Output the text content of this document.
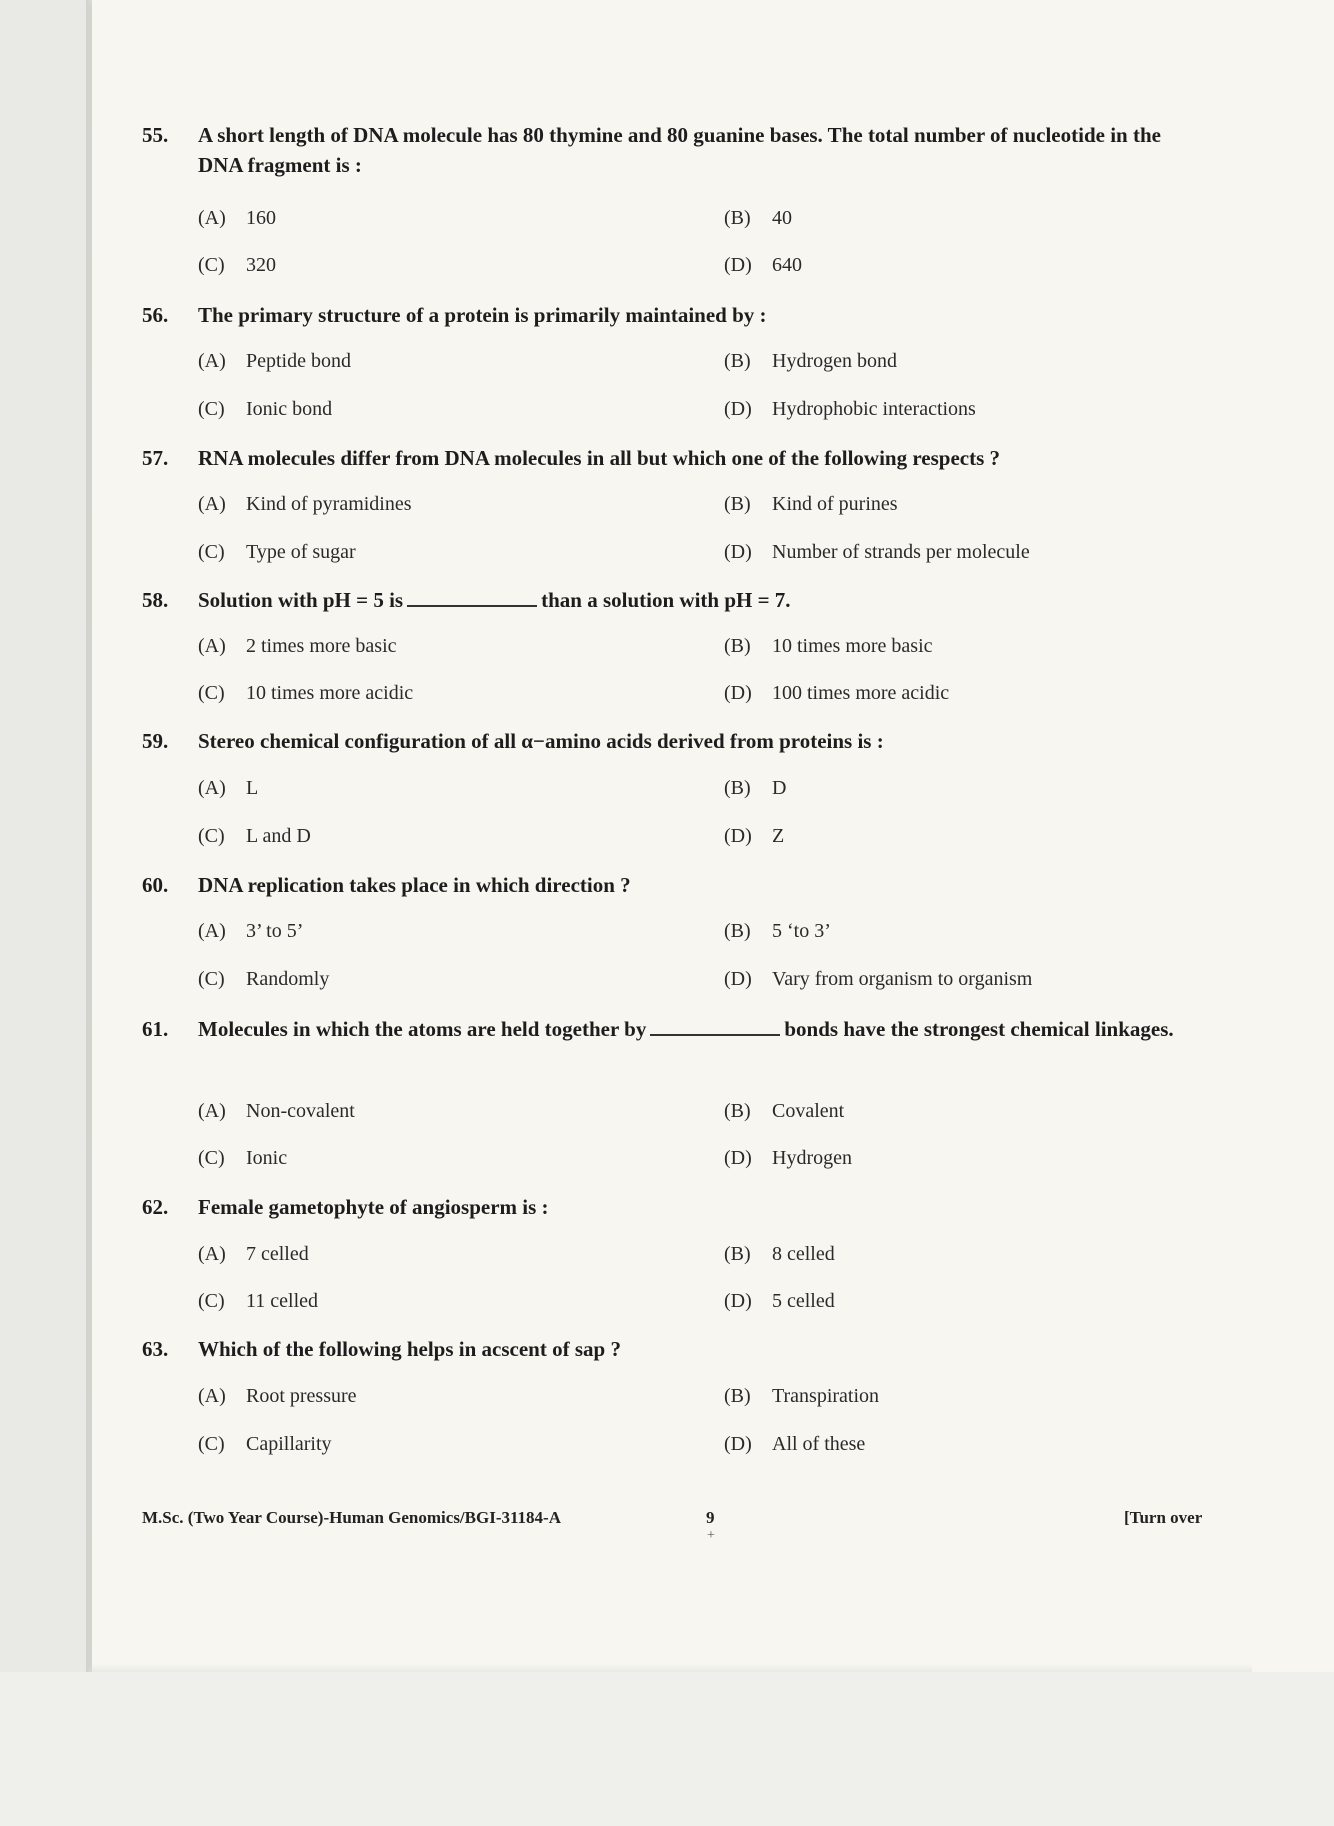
55. A short length of DNA molecule has 80 thymine and 80 guanine bases. The total number of nucleotide in the DNA fragment is :
(A) 160	(B) 40
(C) 320	(D) 640
56. The primary structure of a protein is primarily maintained by :
(A) Peptide bond	(B) Hydrogen bond
(C) Ionic bond	(D) Hydrophobic interactions
57. RNA molecules differ from DNA molecules in all but which one of the following respects ?
(A) Kind of pyramidines	(B) Kind of purines
(C) Type of sugar	(D) Number of strands per molecule
58. Solution with pH = 5 is	than a solution with pH = 7.
(A) 2 times more basic	(B) 10 times more basic
(C) 10 times more acidic	(D) 100 times more acidic
59. Stereo chemical configuration of all α−amino acids derived from proteins is :
(A) L	(B) D
(C) L and D	(D) Z
60. DNA replication takes place in which direction ?
(A) 3’ to 5’	(B) 5 ‘to 3’
(C) Randomly	(D) Vary from organism to organism
61. Molecules in which the atoms are held together by	bonds have the strongest chemical linkages.
(A) Non-covalent	(B) Covalent
(C) Ionic	(D) Hydrogen
62. Female gametophyte of angiosperm is :
(A) 7 celled	(B) 8 celled
(C) 11 celled	(D) 5 celled
63. Which of the following helps in acscent of sap ?
(A) Root pressure	(B) Transpiration
(C) Capillarity	(D) All of these
M.Sc. (Two Year Course)-Human Genomics/BGI-31184-A	9
+
[Turn over
